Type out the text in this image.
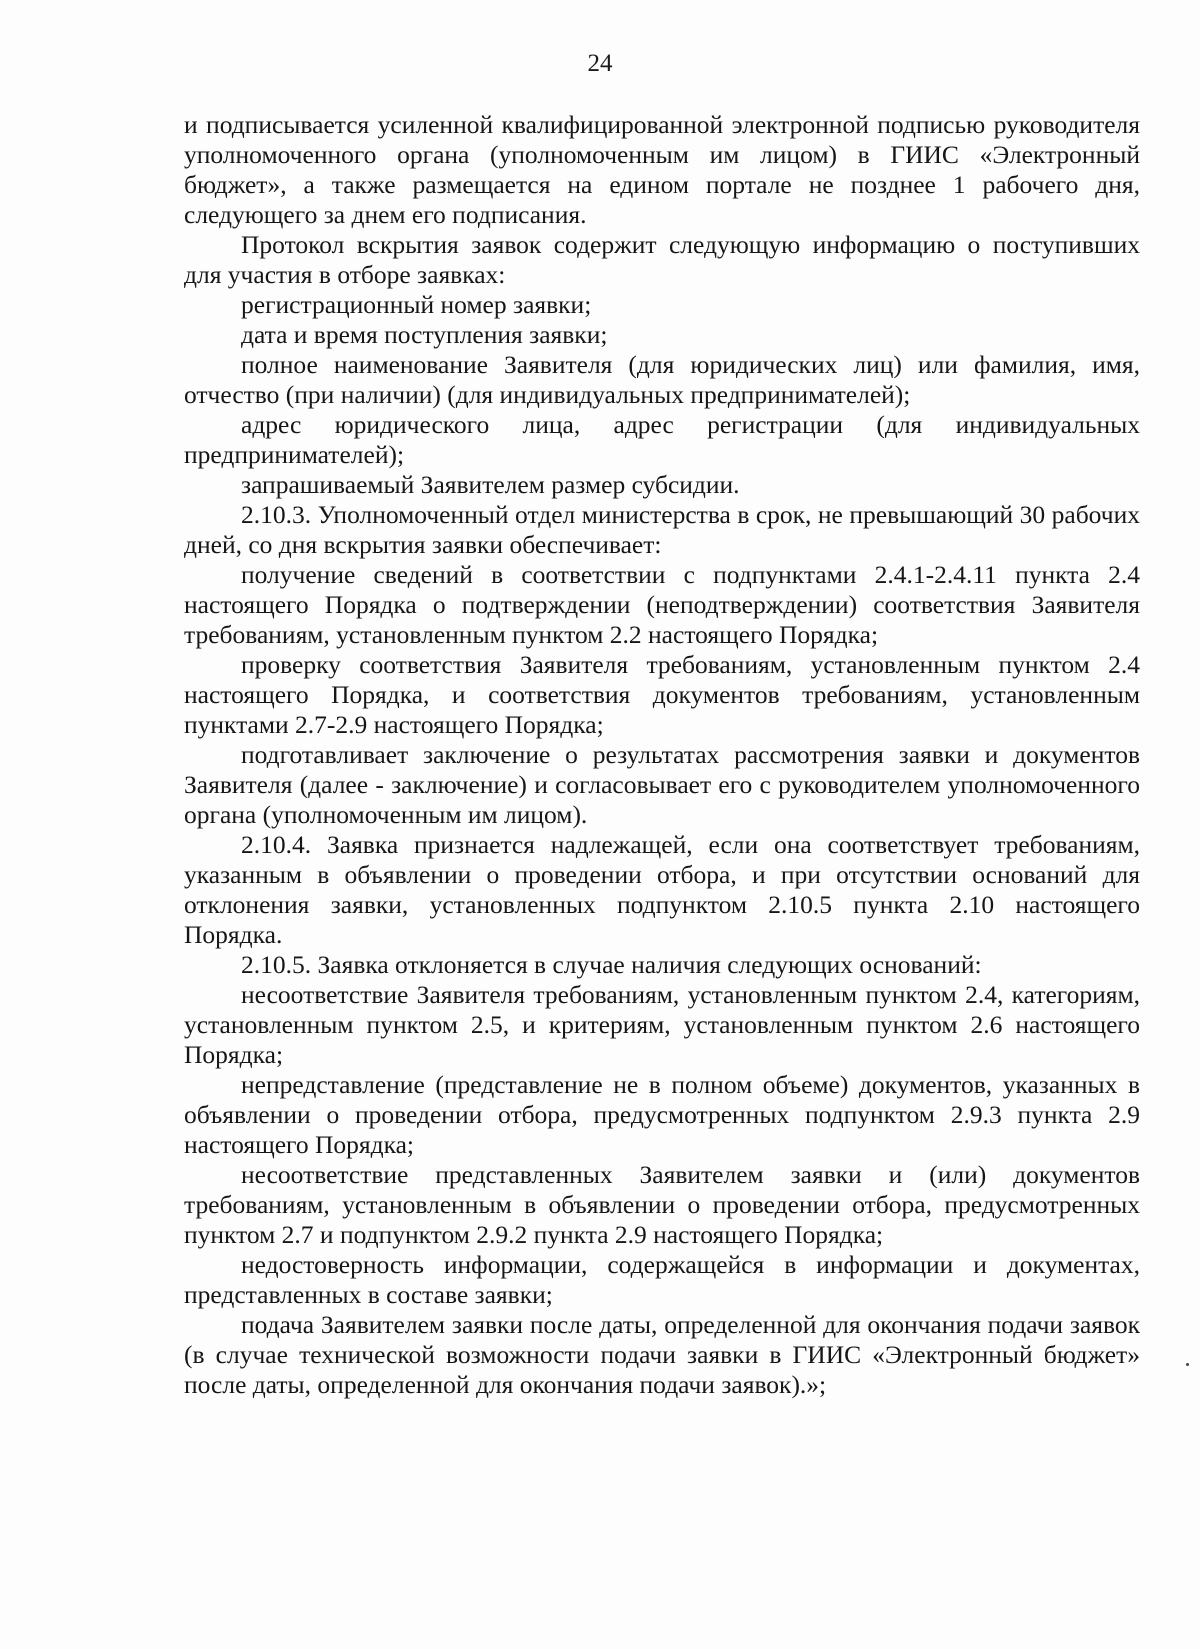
24

и подписывается усиленной квалифицированной электронной подписью руководителя уполномоченного органа (уполномоченным им лицом) в ГИИС «Электронный бюджет», а также размещается на едином портале не позднее 1 рабочего дня, следующего за днем его подписания.

Протокол вскрытия заявок содержит следующую информацию о поступивших для участия в отборе заявках:

регистрационный номер заявки;

дата и время поступления заявки;

полное наименование Заявителя (для юридических лиц) или фамилия, имя, отчество (при наличии) (для индивидуальных предпринимателей);

адрес юридического лица, адрес регистрации (для индивидуальных предпринимателей);

запрашиваемый Заявителем размер субсидии.

2.10.3. Уполномоченный отдел министерства в срок, не превышающий 30 рабочих дней, со дня вскрытия заявки обеспечивает:

получение сведений в соответствии с подпунктами 2.4.1-2.4.11 пункта 2.4 настоящего Порядка о подтверждении (неподтверждении) соответствия Заявителя требованиям, установленным пунктом 2.2 настоящего Порядка;

проверку соответствия Заявителя требованиям, установленным пунктом 2.4 настоящего Порядка, и соответствия документов требованиям, установленным пунктами 2.7-2.9 настоящего Порядка;

подготавливает заключение о результатах рассмотрения заявки и документов Заявителя (далее - заключение) и согласовывает его с руководителем уполномоченного органа (уполномоченным им лицом).

2.10.4. Заявка признается надлежащей, если она соответствует требованиям, указанным в объявлении о проведении отбора, и при отсутствии оснований для отклонения заявки, установленных подпунктом 2.10.5 пункта 2.10 настоящего Порядка.

2.10.5. Заявка отклоняется в случае наличия следующих оснований:

несоответствие Заявителя требованиям, установленным пунктом 2.4, категориям, установленным пунктом 2.5, и критериям, установленным пунктом 2.6 настоящего Порядка;

непредставление (представление не в полном объеме) документов, указанных в объявлении о проведении отбора, предусмотренных подпунктом 2.9.3 пункта 2.9 настоящего Порядка;

несоответствие представленных Заявителем заявки и (или) документов требованиям, установленным в объявлении о проведении отбора, предусмотренных пунктом 2.7 и подпунктом 2.9.2 пункта 2.9 настоящего Порядка;

недостоверность информации, содержащейся в информации и документах, представленных в составе заявки;

подача Заявителем заявки после даты, определенной для окончания подачи заявок (в случае технической возможности подачи заявки в ГИИС «Электронный бюджет» после даты, определенной для окончания подачи заявок).»;
